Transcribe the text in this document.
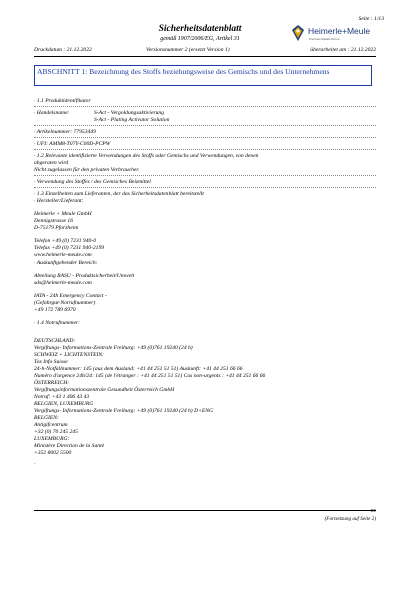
Seite : 1/13
Sicherheitsdatenblatt
gemäß 1907/2006/EG, Artikel 31
Heimerle+Meule
Precious Metals Group
Druckdatum : 21.12.2022	Versionsnummer 2 (ersetzt Version 1)	überarbeitet am : 21.12.2022
ABSCHNITT 1: Bezeichnung des Stoffs beziehungsweise des Gemischs und des Unternehmens
· 1.1 Produktidentifikator
· Handelsname:	S-Act - Vergoldungsaktivierung
S-Act - Plating Activator Solution
· Artikelnummer: 77953449
· UFI: AMM8-T07Y-C00D-PCPW
· 1.2 Relevante identifizierte Verwendungen des Stoffs oder Gemischs und Verwendungen, von denen
abgeraten wird
Nicht zugelassen für den privaten Verbraucher.
· Verwendung des Stoffes / des Gemisches Beizmittel
· 1.3 Einzelheiten zum Lieferanten, der das Sicherheitsdatenblatt bereitstellt
· Hersteller/Lieferant:
Heimerle + Meule GmbH
Dennigstrasse 16
D-75179 Pforzheim
Telefon +49 (0) 7231 940-0
Telefax +49 (0) 7231 940-2199
www.heimerle-meule.com
· Auskunftgebender Bereich:
Abteilung RASU - Produktsicherheit/Umwelt
sds@heimerle-meule.com
IATA - 24h Emergency Contact -
(Gefahrgut-Notrufnummer)
+49 172 789 6970
· 1.4 Notrufnummer:
DEUTSCHLAND:
Vergiftungs- Informations-Zentrale Freiburg: +49 (0)761 19240 (24 h)
SCHWEIZ + LICHTENSTEIN:
Tox Info Suisse
24-h-Notfallnummer: 145 (aus dem Ausland: +41 44 251 51 51) Auskunft: +41 44 251 66 66
Numéro d'urgence 24h/24: 145 (de l'étranger : +41 44 251 51 51) Cas non-urgents : +41 44 251 66 66
ÖSTERREICH:
Vergiftungsinformationszentrale Gesundheit Österreich GmbH
Notruf: +43 1 406 43 43
BELGIEN, LUXEMBURG
Vergiftungs- Informations-Zentrale Freiburg: +49 (0)761 19240 (24 h) D+ENG
BELGIEN:
Antigifcentrum
+32 (0) 70 245 245
LUXEMBURG:
Ministère Direction de la Santé
+352 8002 5500
·
DE
(Fortsetzung auf Seite 2)
